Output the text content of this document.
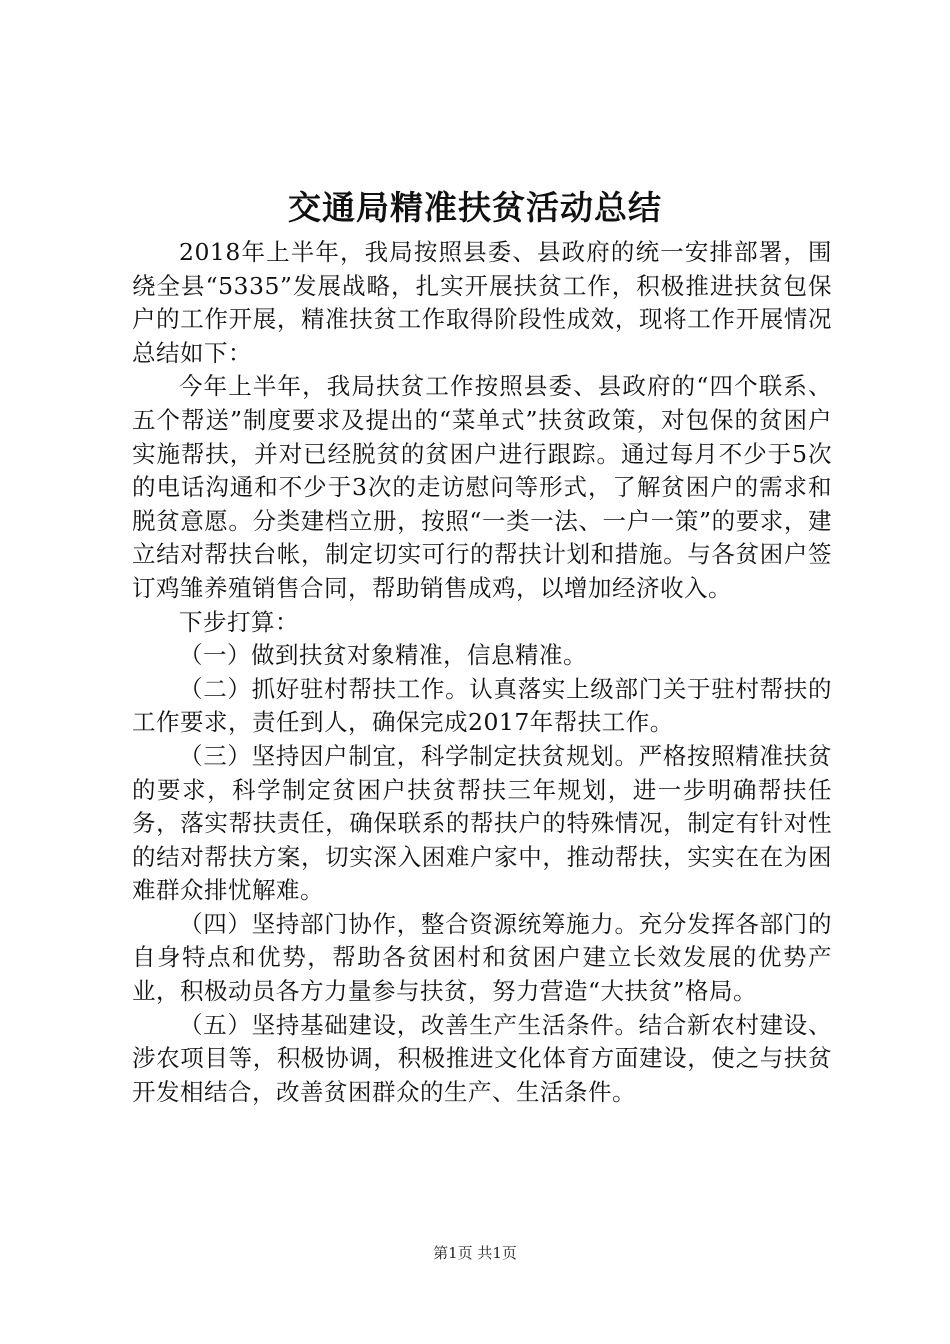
交通局精准扶贫活动总结

2018年上半年，我局按照县委、县政府的统一安排部署，围绕全县“5335”发展战略，扎实开展扶贫工作，积极推进扶贫包保户的工作开展，精准扶贫工作取得阶段性成效，现将工作开展情况总结如下：

今年上半年，我局扶贫工作按照县委、县政府的“四个联系、五个帮送”制度要求及提出的“菜单式”扶贫政策，对包保的贫困户实施帮扶，并对已经脱贫的贫困户进行跟踪。通过每月不少于5次的电话沟通和不少于3次的走访慰问等形式，了解贫困户的需求和脱贫意愿。分类建档立册，按照“一类一法、一户一策”的要求，建立结对帮扶台帐，制定切实可行的帮扶计划和措施。与各贫困户签订鸡雏养殖销售合同，帮助销售成鸡，以增加经济收入。

下步打算：

（一）做到扶贫对象精准，信息精准。

（二）抓好驻村帮扶工作。认真落实上级部门关于驻村帮扶的工作要求，责任到人，确保完成2017年帮扶工作。

（三）坚持因户制宜，科学制定扶贫规划。严格按照精准扶贫的要求，科学制定贫困户扶贫帮扶三年规划，进一步明确帮扶任务，落实帮扶责任，确保联系的帮扶户的特殊情况，制定有针对性的结对帮扶方案，切实深入困难户家中，推动帮扶，实实在在为困难群众排忧解难。

（四）坚持部门协作，整合资源统筹施力。充分发挥各部门的自身特点和优势，帮助各贫困村和贫困户建立长效发展的优势产业，积极动员各方力量参与扶贫，努力营造“大扶贫”格局。

（五）坚持基础建设，改善生产生活条件。结合新农村建设、涉农项目等，积极协调，积极推进文化体育方面建设，使之与扶贫开发相结合，改善贫困群众的生产、生活条件。

第1页 共1页
